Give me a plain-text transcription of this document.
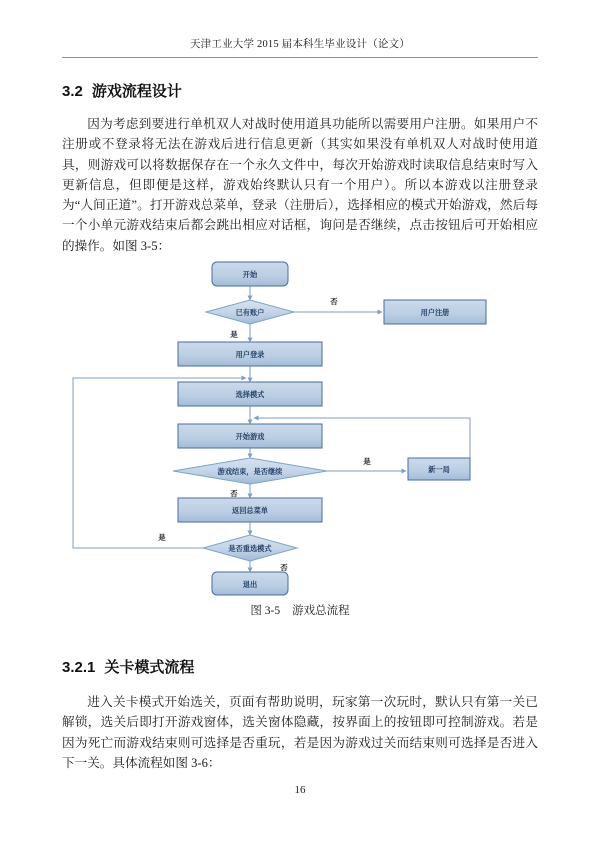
天津工业大学 2015 届本科生毕业设计（论文）
3.2 游戏流程设计
因为考虑到要进行单机双人对战时使用道具功能所以需要用户注册。如果用户不注册或不登录将无法在游戏后进行信息更新（其实如果没有单机双人对战时使用道具，则游戏可以将数据保存在一个永久文件中，每次开始游戏时读取信息结束时写入更新信息，但即便是这样，游戏始终默认只有一个用户）。所以本游戏以注册登录为“人间正道”。打开游戏总菜单，登录（注册后），选择相应的模式开始游戏，然后每一个小单元游戏结束后都会跳出相应对话框，询问是否继续，点击按钮后可开始相应的操作。如图 3-5：
开始
已有账户	用户注册
用户登录
选择模式
开始游戏
游戏结束，是否继续	新一局
返回总菜单
是否重选模式
退出
否
是
是
否
是
否
图 3-5 游戏总流程
3.2.1 关卡模式流程
进入关卡模式开始选关，页面有帮助说明，玩家第一次玩时，默认只有第一关已解锁，选关后即打开游戏窗体，选关窗体隐藏，按界面上的按钮即可控制游戏。若是因为死亡而游戏结束则可选择是否重玩，若是因为游戏过关而结束则可选择是否进入下一关。具体流程如图 3-6：
16
